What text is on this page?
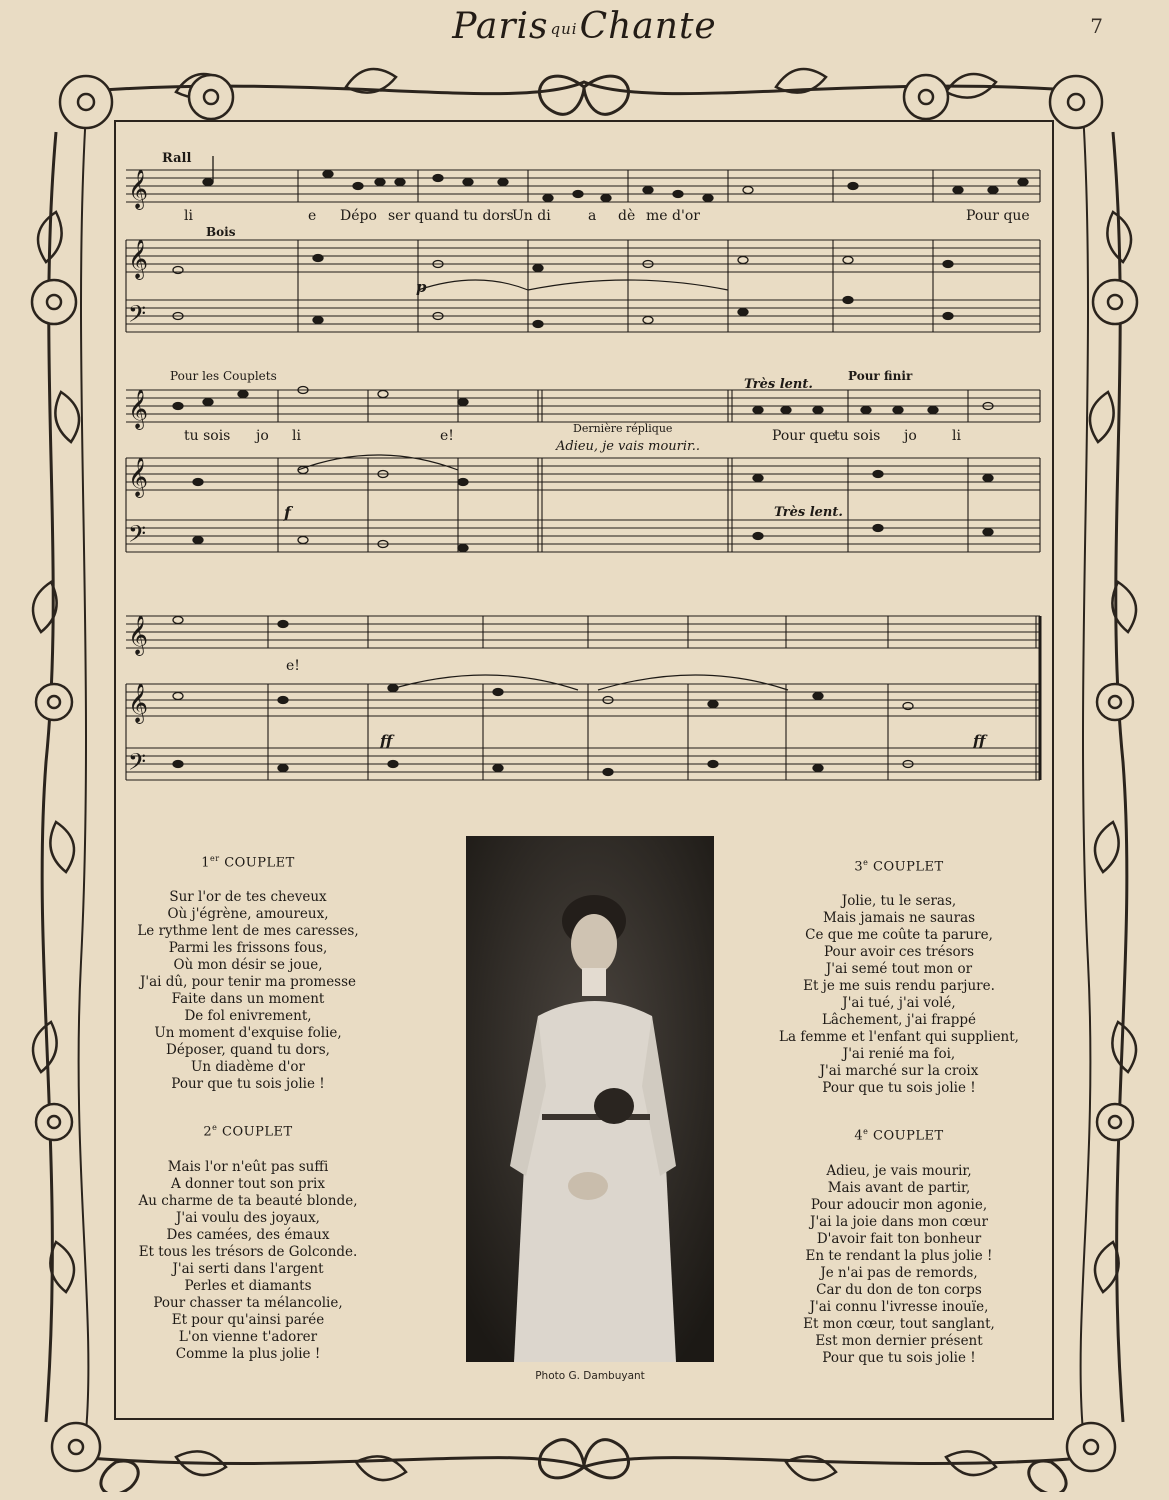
Paris quiChante	7
𝄞
𝄞
𝄢
𝄞
𝄞
𝄢
𝄞
𝄞
𝄢
Rall
Bois
p
li	e Dépo ser quand tu dors
Un di	a dè me d'or	Pour que
Pour les Couplets
Très lent.
Pour finir
Dernière réplique
Adieu, je vais mourir..
Très lent.
f
tu sois jo li	e!	Pour que
tu sois jo	li
e!
ff	ff
1er COUPLET
Sur l'or de tes cheveux
Où j'égrène, amoureux,
Le rythme lent de mes caresses,
Parmi les frissons fous,
Où mon désir se joue,
J'ai dû, pour tenir ma promesse
Faite dans un moment
De fol enivrement,
Un moment d'exquise folie,
Déposer, quand tu dors,
Un diadème d'or
Pour que tu sois jolie !
2e COUPLET
Mais l'or n'eût pas suffi
A donner tout son prix
Au charme de ta beauté blonde,
J'ai voulu des joyaux,
Des camées, des émaux
Et tous les trésors de Golconde.
J'ai serti dans l'argent
Perles et diamants
Pour chasser ta mélancolie,
Et pour qu'ainsi parée
L'on vienne t'adorer
Comme la plus jolie !
3e COUPLET
Jolie, tu le seras,
Mais jamais ne sauras
Ce que me coûte ta parure,
Pour avoir ces trésors
J'ai semé tout mon or
Et je me suis rendu parjure.
J'ai tué, j'ai volé,
Lâchement, j'ai frappé
La femme et l'enfant qui supplient,
J'ai renié ma foi,
J'ai marché sur la croix
Pour que tu sois jolie !
4e COUPLET
Adieu, je vais mourir,
Mais avant de partir,
Pour adoucir mon agonie,
J'ai la joie dans mon cœur
D'avoir fait ton bonheur
En te rendant la plus jolie !
Je n'ai pas de remords,
Car du don de ton corps
J'ai connu l'ivresse inouïe,
Et mon cœur, tout sanglant,
Est mon dernier présent
Pour que tu sois jolie !
Photo G. Dambuyant
